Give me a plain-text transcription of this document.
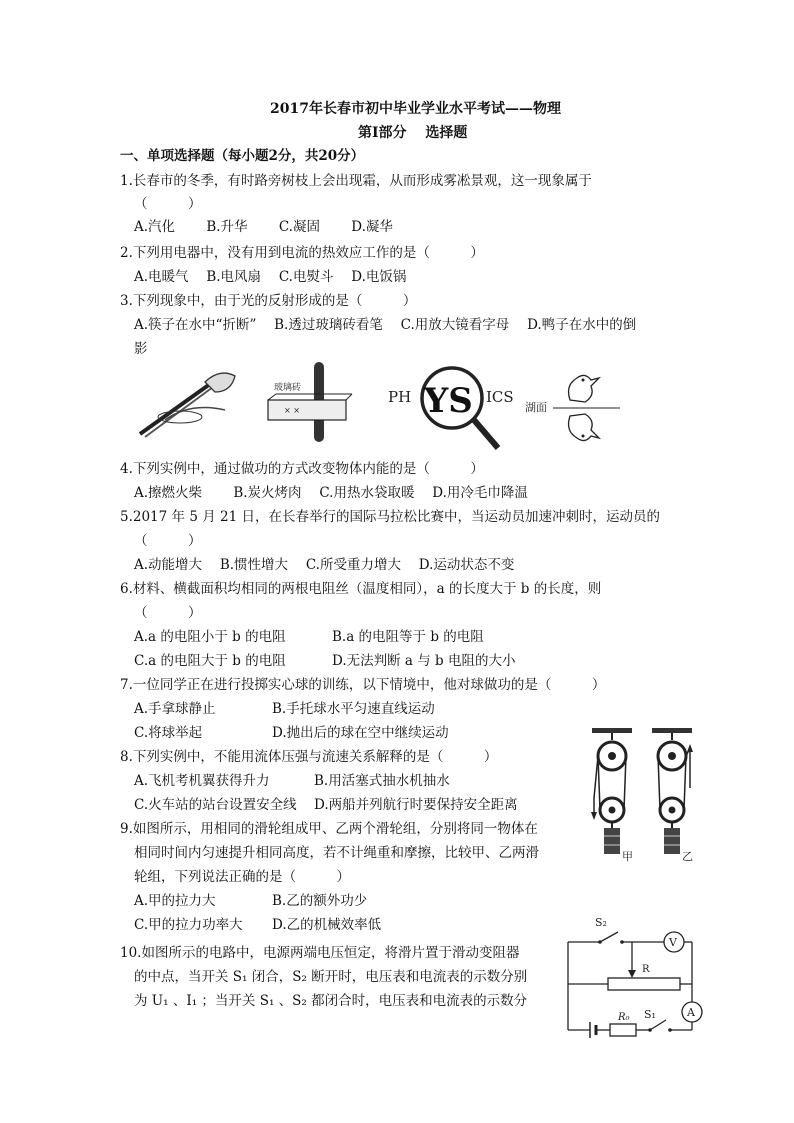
2017年长春市初中毕业学业水平考试——物理
第I部分　 选择题
一、单项选择题（每小题2分，共20分）
1.长春市的冬季，有时路旁树枝上会出现霜，从而形成雾凇景观，这一现象属于
（　　　）
A.汽化　　 B.升华　　 C.凝固　　 D.凝华
2.下列用电器中，没有用到电流的热效应工作的是（　　　）
A.电暖气　 B.电风扇　 C.电熨斗　 D.电饭锅
3.下列现象中，由于光的反射形成的是（　　　）
A.筷子在水中“折断”　 B.透过玻璃砖看笔　 C.用放大镜看字母　 D.鸭子在水中的倒
影
玻璃砖
× ×
PH YS ICS
湖面
4.下列实例中，通过做功的方式改变物体内能的是（　　　）
A.擦燃火柴　　 B.炭火烤肉　 C.用热水袋取暖　 D.用冷毛巾降温
5.2017 年 5 月 21 日，在长春举行的国际马拉松比赛中，当运动员加速冲刺时，运动员的
（　　　）
A.动能增大　 B.惯性增大　 C.所受重力增大　 D.运动状态不变
6.材料、横截面积均相同的两根电阻丝（温度相同），a 的长度大于 b 的长度，则
（　　　）
A.a 的电阻小于 b 的电阻	B.a 的电阻等于 b 的电阻
C.a 的电阻大于 b 的电阻	D.无法判断 a 与 b 电阻的大小
7.一位同学正在进行投掷实心球的训练，以下情境中，他对球做功的是（　　　）
A.手拿球静止	B.手托球水平匀速直线运动
C.将球举起	D.抛出后的球在空中继续运动
8.下列实例中，不能用流体压强与流速关系解释的是（　　　）
A.飞机考机翼获得升力	B.用活塞式抽水机抽水
C.火车站的站台设置安全线 D.两船并列航行时要保持安全距离
9.如图所示，用相同的滑轮组成甲、乙两个滑轮组，分别将同一物体在
相同时间内匀速提升相同高度，若不计绳重和摩擦，比较甲、乙两滑
轮组，下列说法正确的是（　　　）
A.甲的拉力大	B.乙的额外功少
C.甲的拉力功率大 D.乙的机械效率低
甲	乙
10.如图所示的电路中，电源两端电压恒定，将滑片置于滑动变阻器
的中点，当开关 S₁ 闭合，S₂ 断开时，电压表和电流表的示数分别
为 U₁ 、I₁ ；当开关 S₁ 、S₂ 都闭合时，电压表和电流表的示数分
S₂
V
R
A
R₀ S₁
